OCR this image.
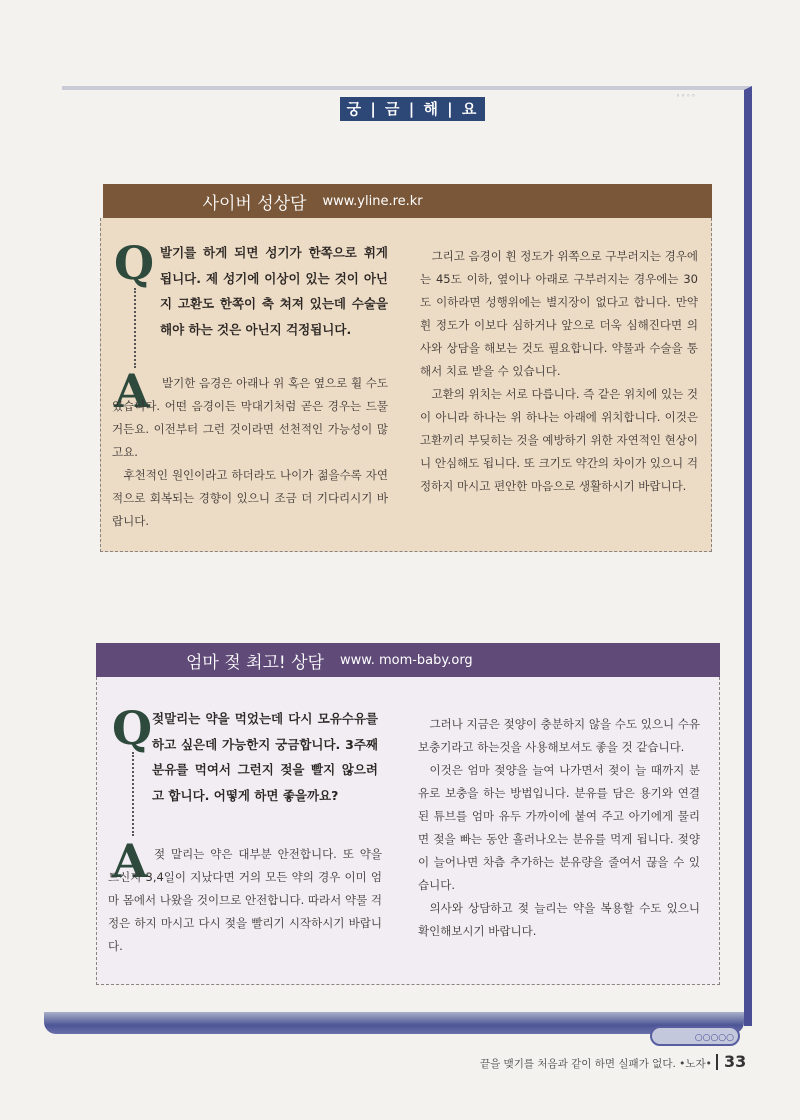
◦◦◦◦
○○○○○
궁 | 금 | 해 | 요
사이버 성상담 www.yline.re.kr
Q
A
발기를 하게 되면 성기가 한쪽으로 휘게 됩니다. 제 성기에 이상이 있는 것이 아닌지 고환도 한쪽이 축 쳐져 있는데 수술을 해야 하는 것은 아닌지 걱정됩니다.

발기한 음경은 아래나 위 혹은 옆으로 휠 수도 있습니다. 어떤 음경이든 막대기처럼 곧은 경우는 드물거든요. 이전부터 그런 것이라면 선천적인 가능성이 많고요.

후천적인 원인이라고 하더라도 나이가 젊을수록 자연적으로 회복되는 경향이 있으니 조금 더 기다리시기 바랍니다.

그리고 음경이 휜 정도가 위쪽으로 구부러지는 경우에는 45도 이하, 옆이나 아래로 구부러지는 경우에는 30도 이하라면 성행위에는 별지장이 없다고 합니다. 만약 휜 정도가 이보다 심하거나 앞으로 더욱 심해진다면 의사와 상담을 해보는 것도 필요합니다. 약물과 수술을 통해서 치료 받을 수 있습니다.

고환의 위치는 서로 다릅니다. 즉 같은 위치에 있는 것이 아니라 하나는 위 하나는 아래에 위치합니다. 이것은 고환끼리 부딪히는 것을 예방하기 위한 자연적인 현상이니 안심해도 됩니다. 또 크기도 약간의 차이가 있으니 걱정하지 마시고 편안한 마음으로 생활하시기 바랍니다.

엄마 젖 최고! 상담 www. mom-baby.org
Q
A
젖말리는 약을 먹었는데 다시 모유수유를 하고 싶은데 가능한지 궁금합니다. 3주째 분유를 먹여서 그런지 젖을 빨지 않으려고 합니다. 어떻게 하면 좋을까요?

젖 말리는 약은 대부분 안전합니다. 또 약을 드신지 3,4일이 지났다면 거의 모든 약의 경우 이미 엄마 몸에서 나왔을 것이므로 안전합니다. 따라서 약물 걱정은 하지 마시고 다시 젖을 빨리기 시작하시기 바랍니다.

그러나 지금은 젖양이 충분하지 않을 수도 있으니 수유보충기라고 하는것을 사용해보셔도 좋을 것 같습니다.

이것은 엄마 젖양을 늘여 나가면서 젖이 늘 때까지 분유로 보충을 하는 방법입니다. 분유를 담은 용기와 연결된 튜브를 엄마 유두 가까이에 붙여 주고 아기에게 물리면 젖을 빠는 동안 흘러나오는 분유를 먹게 됩니다. 젖양이 늘어나면 차츰 추가하는 분유량을 줄여서 끊을 수 있습니다.

의사와 상담하고 젖 늘리는 약을 복용할 수도 있으니 확인해보시기 바랍니다.

끝을 맺기를 처음과 같이 하면 실패가 없다. •노자• 33
